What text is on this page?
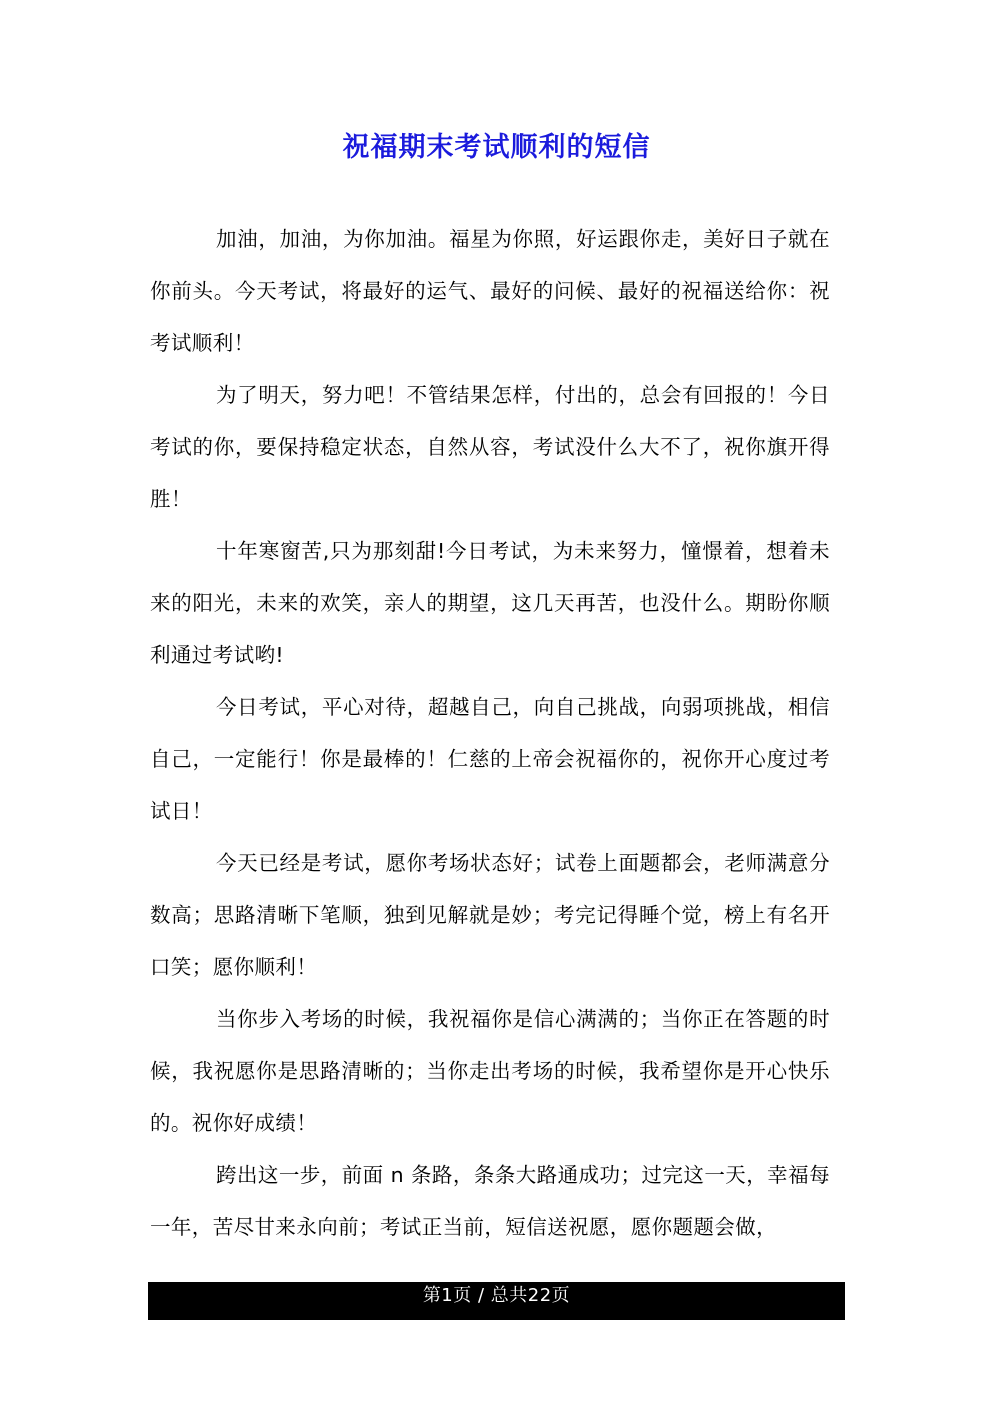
祝福期末考试顺利的短信

加油，加油，为你加油。福星为你照，好运跟你走，美好日子就在你前头。今天考试，将最好的运气、最好的问候、最好的祝福送给你：祝考试顺利！

为了明天，努力吧！不管结果怎样，付出的，总会有回报的！今日考试的你，要保持稳定状态，自然从容，考试没什么大不了，祝你旗开得胜！

十年寒窗苦,只为那刻甜!今日考试，为未来努力，憧憬着，想着未来的阳光，未来的欢笑，亲人的期望，这几天再苦，也没什么。期盼你顺利通过考试哟!

今日考试，平心对待，超越自己，向自己挑战，向弱项挑战，相信自己，一定能行！你是最棒的！仁慈的上帝会祝福你的，祝你开心度过考试日！

今天已经是考试，愿你考场状态好；试卷上面题都会，老师满意分数高；思路清晰下笔顺，独到见解就是妙；考完记得睡个觉，榜上有名开口笑；愿你顺利！

当你步入考场的时候，我祝福你是信心满满的；当你正在答题的时候，我祝愿你是思路清晰的；当你走出考场的时候，我希望你是开心快乐的。祝你好成绩！

跨出这一步，前面 n 条路，条条大路通成功；过完这一天，幸福每一年，苦尽甘来永向前；考试正当前，短信送祝愿，愿你题题会做，

第1页 / 总共22页
